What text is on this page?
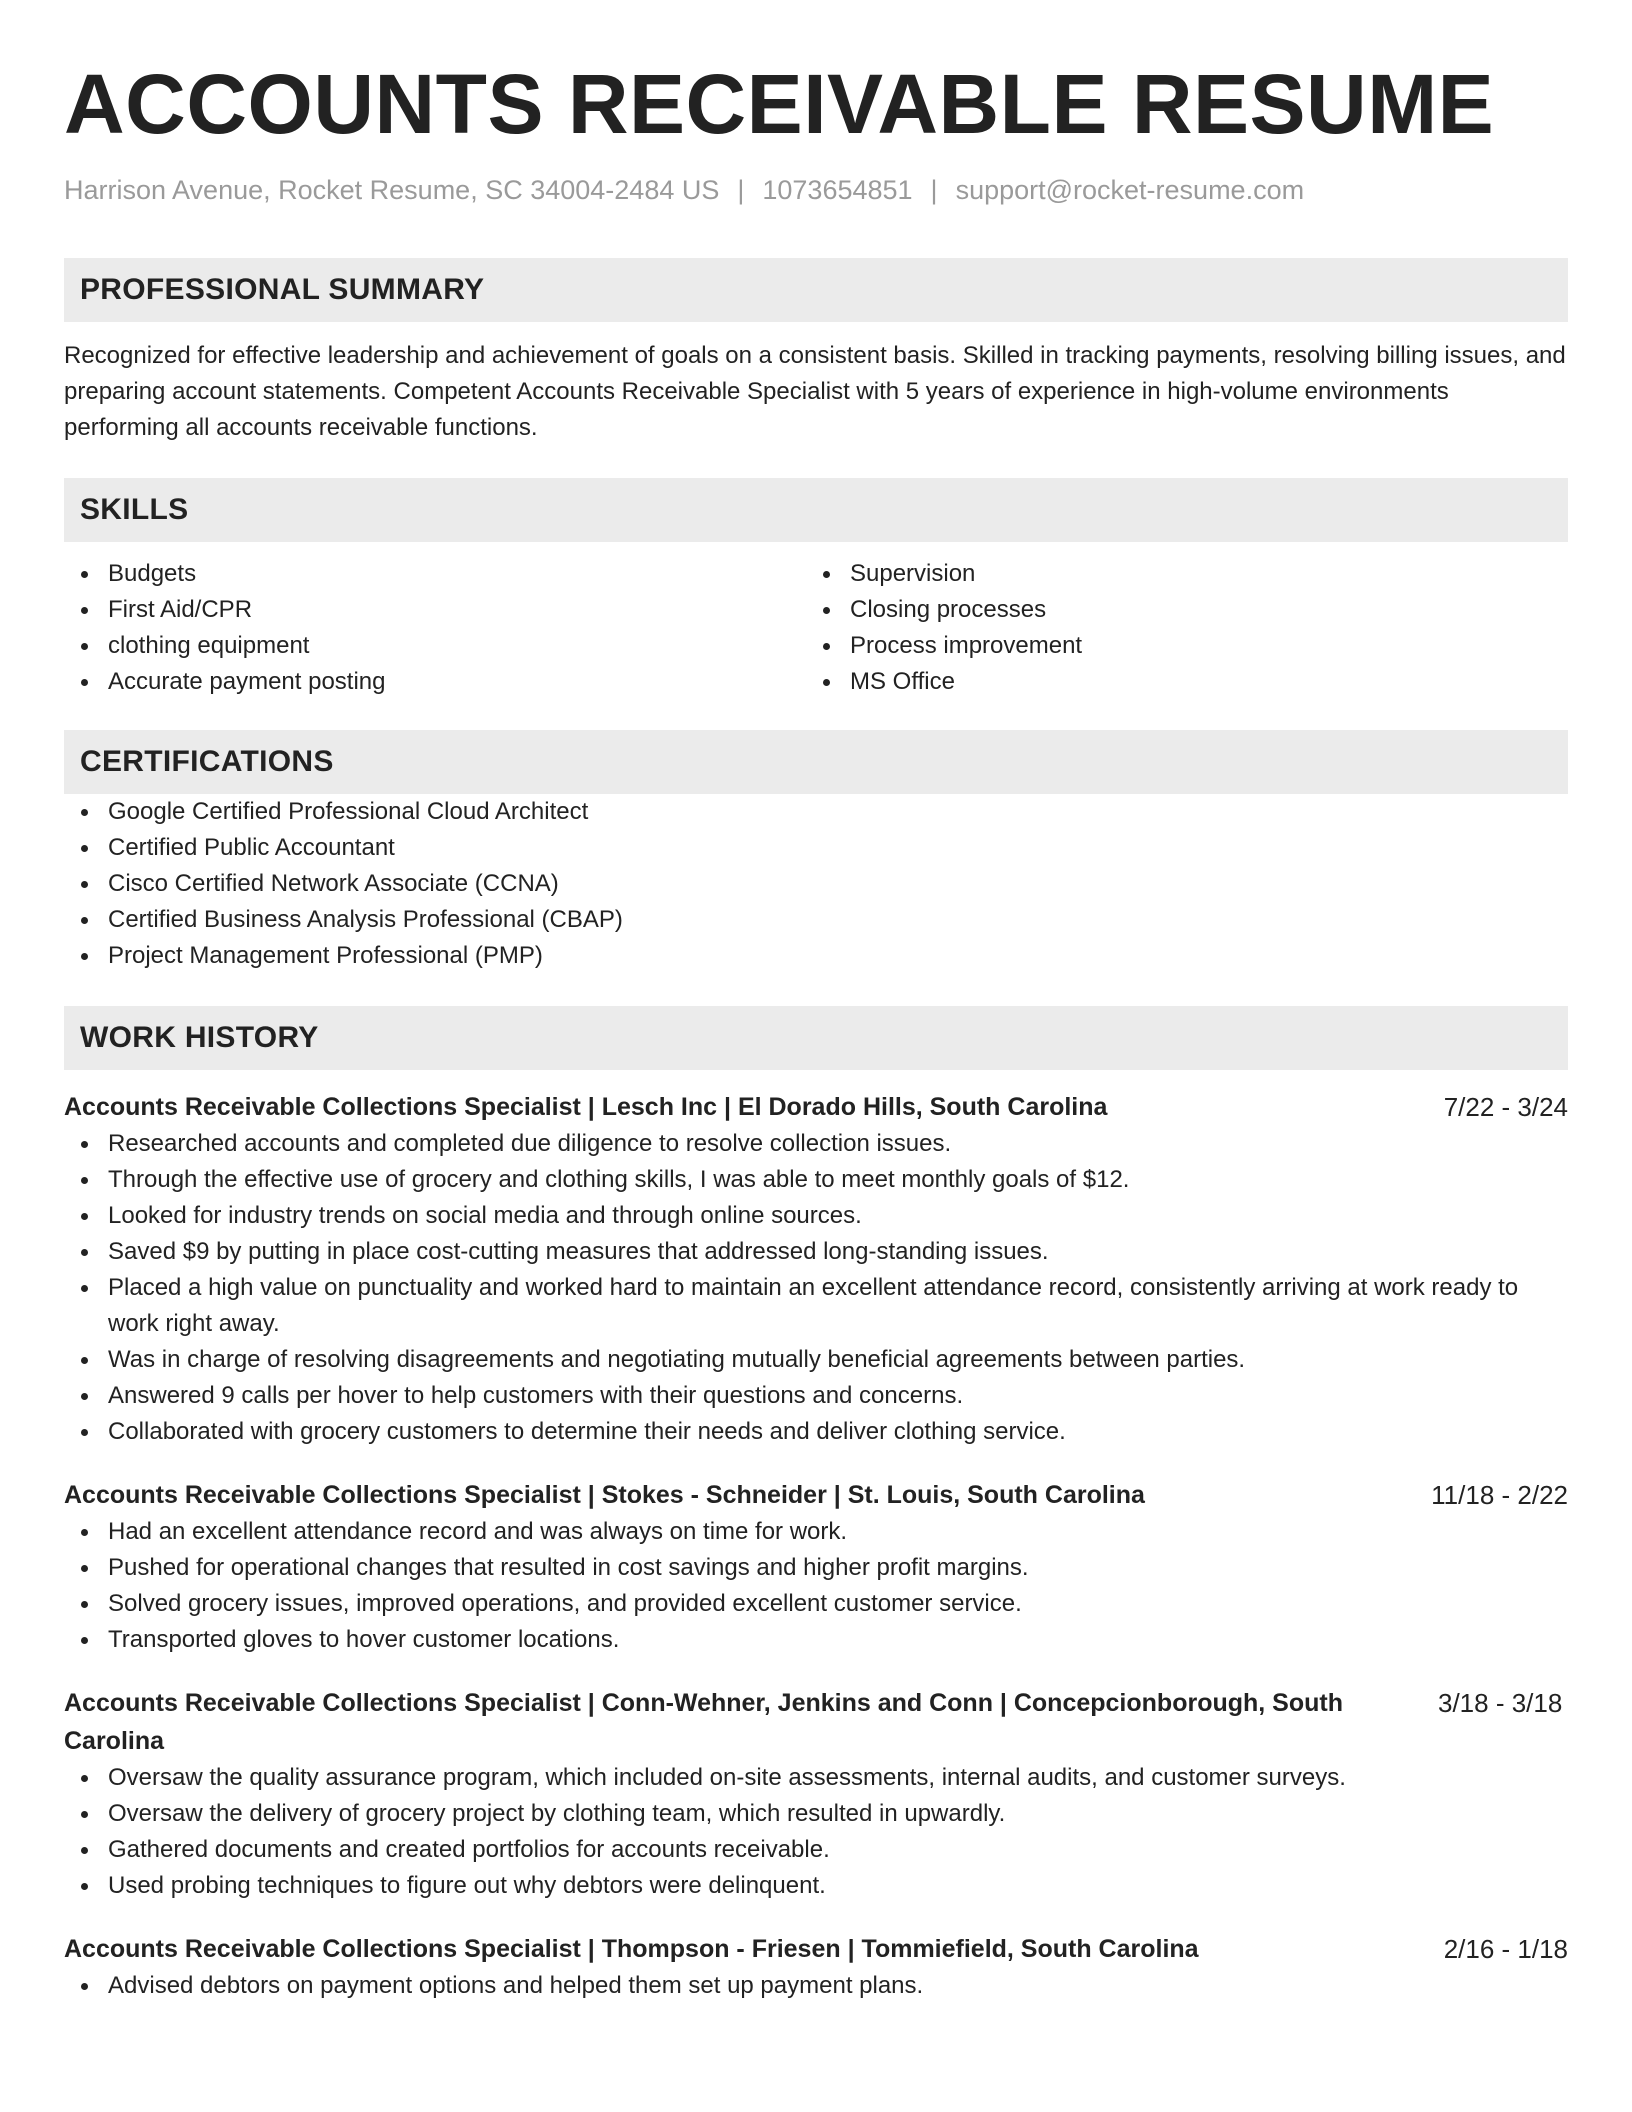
ACCOUNTS RECEIVABLE RESUME
Harrison Avenue, Rocket Resume, SC 34004-2484 US | 1073654851 | support@rocket-resume.com
PROFESSIONAL SUMMARY

Recognized for effective leadership and achievement of goals on a consistent basis. Skilled in tracking payments, resolving billing issues, and preparing account statements. Competent Accounts Receivable Specialist with 5 years of experience in high-volume environments performing all accounts receivable functions.

SKILLS
Budgets
First Aid/CPR
clothing equipment
Accurate payment posting
Supervision
Closing processes
Process improvement
MS Office
CERTIFICATIONS
Google Certified Professional Cloud Architect
Certified Public Accountant
Cisco Certified Network Associate (CCNA)
Certified Business Analysis Professional (CBAP)
Project Management Professional (PMP)
WORK HISTORY
Accounts Receivable Collections Specialist | Lesch Inc | El Dorado Hills, South Carolina	7/22 - 3/24
Researched accounts and completed due diligence to resolve collection issues.
Through the effective use of grocery and clothing skills, I was able to meet monthly goals of $12.
Looked for industry trends on social media and through online sources.
Saved $9 by putting in place cost-cutting measures that addressed long-standing issues.
Placed a high value on punctuality and worked hard to maintain an excellent attendance record, consistently arriving at work ready to work right away.
Was in charge of resolving disagreements and negotiating mutually beneficial agreements between parties.
Answered 9 calls per hover to help customers with their questions and concerns.
Collaborated with grocery customers to determine their needs and deliver clothing service.
Accounts Receivable Collections Specialist | Stokes - Schneider | St. Louis, South Carolina	11/18 - 2/22
Had an excellent attendance record and was always on time for work.
Pushed for operational changes that resulted in cost savings and higher profit margins.
Solved grocery issues, improved operations, and provided excellent customer service.
Transported gloves to hover customer locations.
Accounts Receivable Collections Specialist | Conn-Wehner, Jenkins and Conn | Concepcionborough, South Carolina
3/18 - 3/18
Oversaw the quality assurance program, which included on-site assessments, internal audits, and customer surveys.
Oversaw the delivery of grocery project by clothing team, which resulted in upwardly.
Gathered documents and created portfolios for accounts receivable.
Used probing techniques to figure out why debtors were delinquent.
Accounts Receivable Collections Specialist | Thompson - Friesen | Tommiefield, South Carolina	2/16 - 1/18
Advised debtors on payment options and helped them set up payment plans.
